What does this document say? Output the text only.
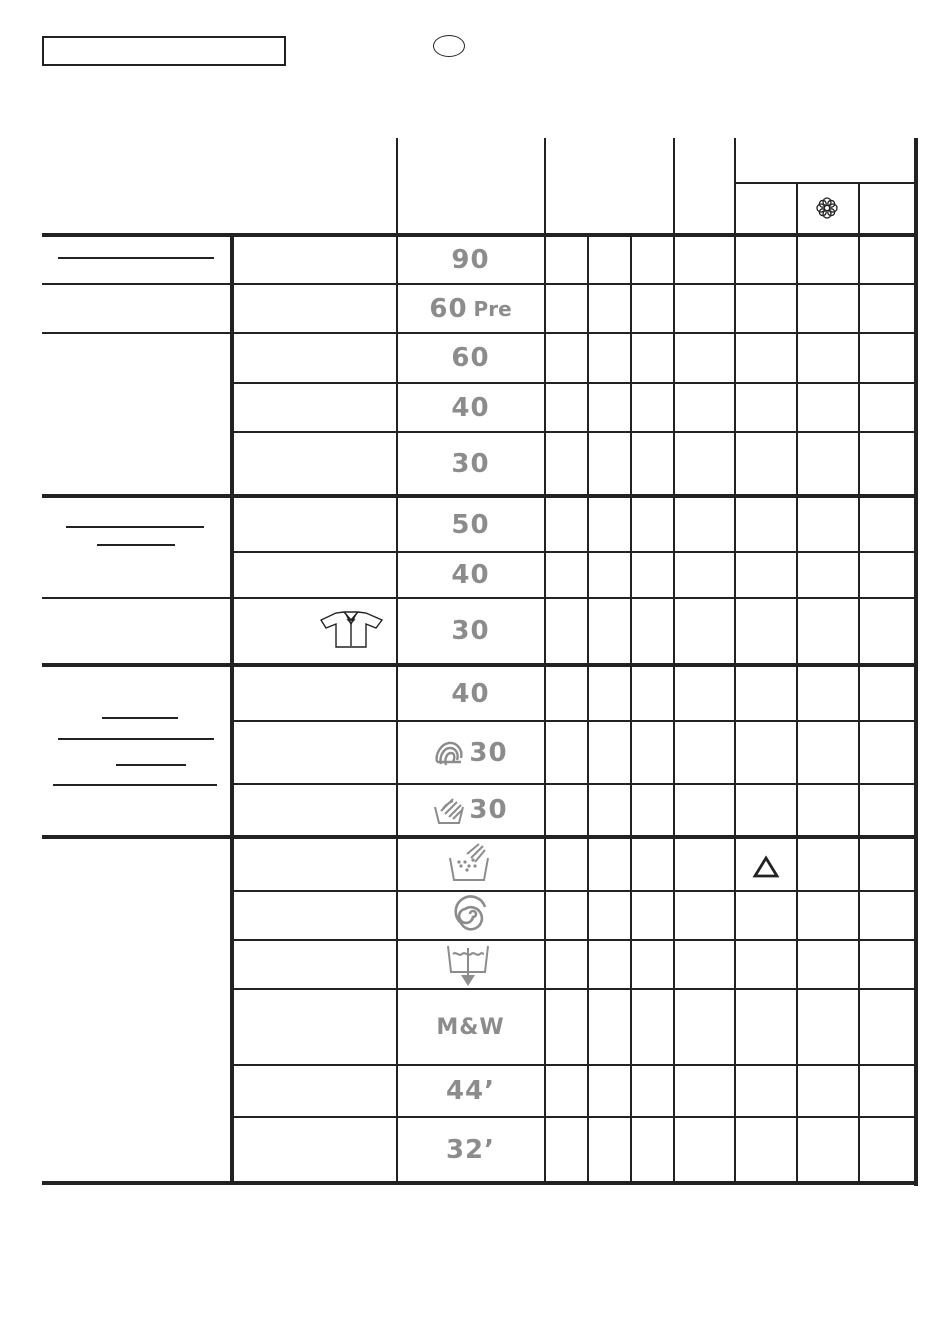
90
60 Pre
60
40
30
50
40
30
40
30
30
M&W
44’
32’
